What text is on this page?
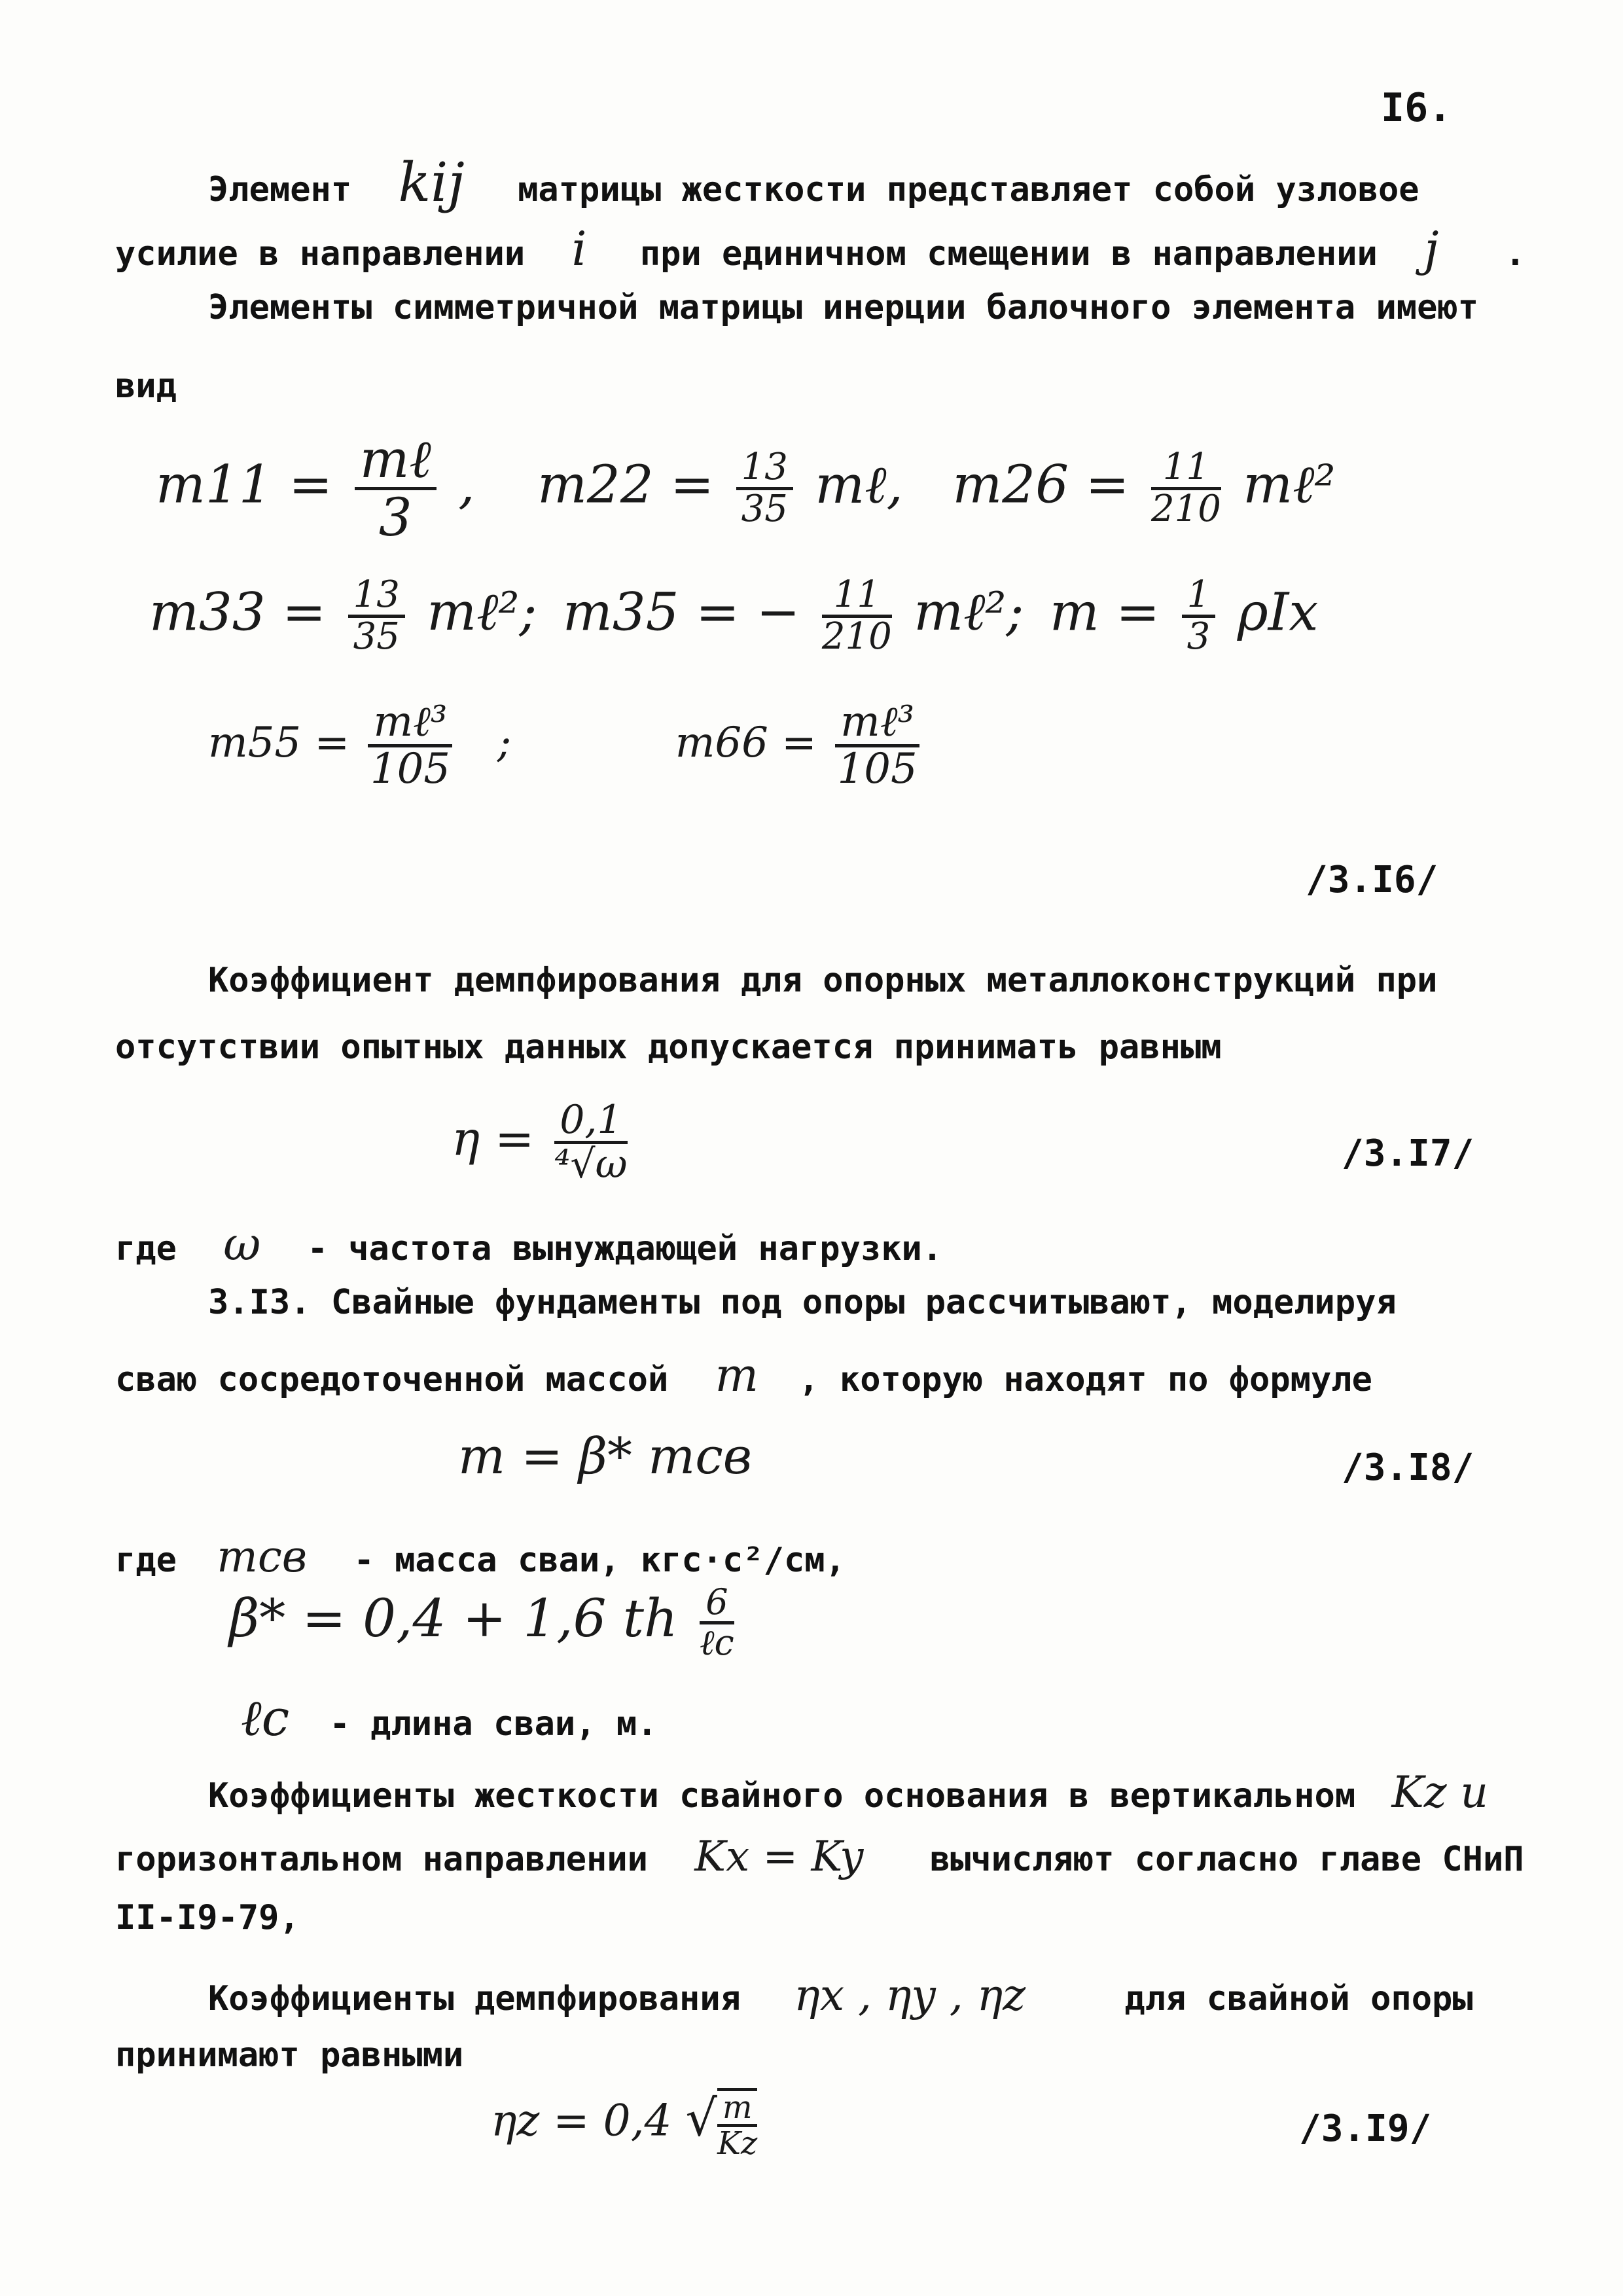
I6.
Элемент kij матрицы жесткости представляет собой узловое
усилие в направлении i при единичном смещении в направлении j .
Элементы симметричной матрицы инерции балочного элемента имеют
вид
$m11 = \frac{\text{mℓ}}{3}$ , $m22 = \frac{13}{35}$ mℓ, $m26 = \frac{11}{210}$ mℓ²
$m33 = \frac{13}{35}$ mℓ²; m35 = − $\frac{11}{210}$ mℓ²; $m = \frac{1}{3}$ ρIx
$m55 = \frac{\text{mℓ³}}{105}$ ;	$m66 = \frac{\text{mℓ³}}{105}$
/3.I6/
Коэффициент демпфирования для опорных металлоконструкций при
отсутствии опытных данных допускается принимать равным
$\eta = \frac{0,1}{\text{⁴√ω}}$	/3.I7/
где ω - частота вынуждающей нагрузки.
3.I3. Свайные фундаменты под опоры рассчитывают, моделируя
сваю сосредоточенной массой m , которую находят по формуле
m = β* mсв	/3.I8/
где mсв - масса сваи, кгс·с²/см,
β* = 0,4 + 1,6 th $\frac{6}{\text{ℓс}}$
ℓс - длина сваи, м.
Коэффициенты жесткости свайного основания в вертикальном Kz и
горизонтальном направлении Kx = Ky вычисляют согласно главе СНиП
II-I9-79,
Коэффициенты демпфирования ηx , ηy , ηz	для свайной опоры
принимают равными
ηz = 0,4 √ $\frac{m}{Kz}$	/3.I9/
